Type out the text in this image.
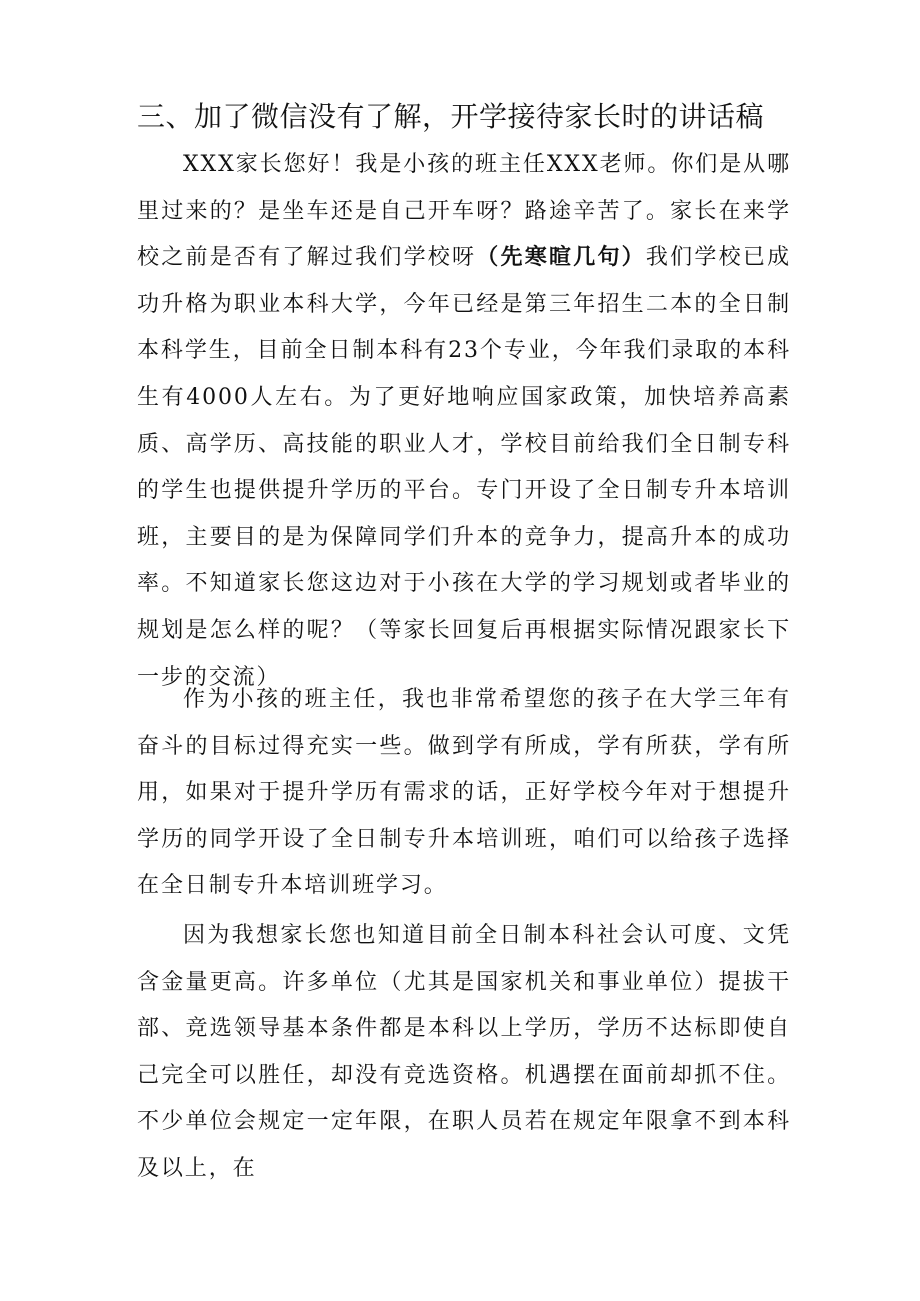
三、加了微信没有了解，开学接待家长时的讲话稿

XXX家长您好！我是小孩的班主任XXX老师。你们是从哪里过来的？是坐车还是自己开车呀？路途辛苦了。家长在来学校之前是否有了解过我们学校呀（先寒暄几句）我们学校已成功升格为职业本科大学，今年已经是第三年招生二本的全日制本科学生，目前全日制本科有23个专业，今年我们录取的本科生有4000人左右。为了更好地响应国家政策，加快培养高素质、高学历、高技能的职业人才，学校目前给我们全日制专科的学生也提供提升学历的平台。专门开设了全日制专升本培训班，主要目的是为保障同学们升本的竞争力，提高升本的成功率。不知道家长您这边对于小孩在大学的学习规划或者毕业的规划是怎么样的呢？（等家长回复后再根据实际情况跟家长下一步的交流）

作为小孩的班主任，我也非常希望您的孩子在大学三年有奋斗的目标过得充实一些。做到学有所成，学有所获，学有所用，如果对于提升学历有需求的话，正好学校今年对于想提升学历的同学开设了全日制专升本培训班，咱们可以给孩子选择在全日制专升本培训班学习。

因为我想家长您也知道目前全日制本科社会认可度、文凭含金量更高。许多单位（尤其是国家机关和事业单位）提拔干部、竞选领导基本条件都是本科以上学历，学历不达标即使自己完全可以胜任，却没有竞选资格。机遇摆在面前却抓不住。不少单位会规定一定年限，在职人员若在规定年限拿不到本科及以上，在
